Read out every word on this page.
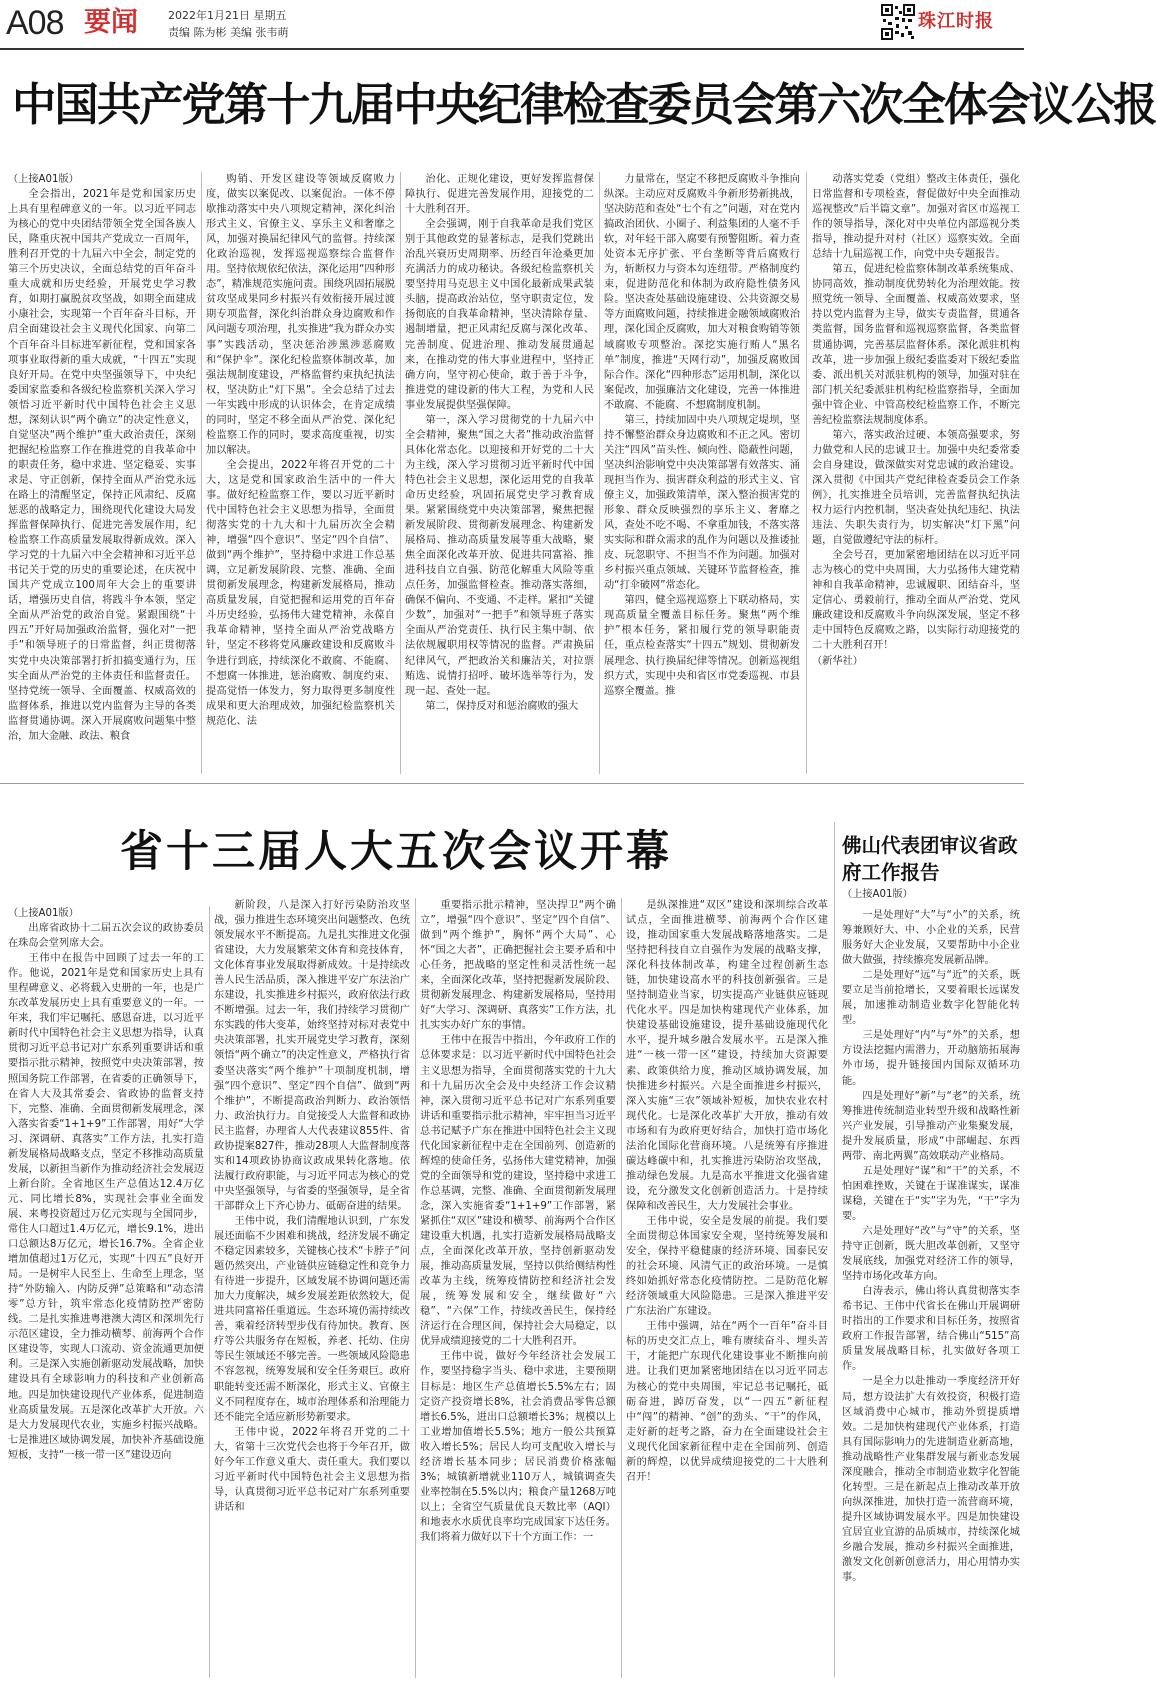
A08 要闻	2022年1月21日 星期五
责编 陈为彬 美编 张韦萌
珠江时报
中国共产党第十九届中央纪律检查委员会第六次全体会议公报

（上接A01版）

全会指出，2021年是党和国家历史上具有里程碑意义的一年。以习近平同志为核心的党中央团结带领全党全国各族人民，隆重庆祝中国共产党成立一百周年，胜利召开党的十九届六中全会，制定党的第三个历史决议，全面总结党的百年奋斗重大成就和历史经验，开展党史学习教育，如期打赢脱贫攻坚战，如期全面建成小康社会，实现第一个百年奋斗目标，开启全面建设社会主义现代化国家、向第二个百年奋斗目标进军新征程，党和国家各项事业取得新的重大成就，“十四五”实现良好开局。在党中央坚强领导下，中央纪委国家监委和各级纪检监察机关深入学习领悟习近平新时代中国特色社会主义思想，深刻认识“两个确立”的决定性意义，自觉坚决“两个维护”重大政治责任，深刻把握纪检监察工作在推进党的自我革命中的职责任务，稳中求进、坚定稳妥、实事求是、守正创新，保持全面从严治党永远在路上的清醒坚定，保持正风肃纪、反腐惩恶的战略定力，围绕现代化建设大局发挥监督保障执行、促进完善发展作用，纪检监察工作高质量发展取得新成效。深入学习党的十九届六中全会精神和习近平总书记关于党的历史的重要论述，在庆祝中国共产党成立100周年大会上的重要讲话，增强历史自信，将践斗争本领，坚定全面从严治党的政治自觉。紧跟围绕“十四五”开好局加强政治监督，强化对“一把手”和领导班子的日常监督，纠正贯彻落实党中央决策部署打折扣搞变通行为，压实全面从严治党的主体责任和监督责任。坚持党统一领导、全面覆盖、权威高效的监督体系，推进以党内监督为主导的各类监督贯通协调。深入开展腐败问题集中整治，加大金融、政法、粮食

购销、开发区建设等领域反腐败力度，做实以案促改、以案促治。一体不停歇推动落实中央八项规定精神，深化纠治形式主义、官僚主义、享乐主义和奢靡之风，加强对换届纪律风气的监督。持续深化政治巡视，发挥巡视巡察综合监督作用。坚持依规依纪依法，深化运用“四种形态”，精准规范实施问责。围绕巩固拓展脱贫攻坚成果同乡村振兴有效衔接开展过渡期专项监督，深化纠治群众身边腐败和作风问题专项治理，扎实推进“我为群众办实事”实践活动，坚决惩治涉黑涉恶腐败和“保护伞”。深化纪检监察体制改革，加强法规制度建设，严格监督约束执纪执法权，坚决防止“灯下黑”。全会总结了过去一年实践中形成的认识体会，在肯定成绩的同时，坚定不移全面从严治党、深化纪检监察工作的同时，要求高度重视，切实加以解决。

全会提出，2022年将召开党的二十大，这是党和国家政治生活中的一件大事。做好纪检监察工作，要以习近平新时代中国特色社会主义思想为指导，全面贯彻落实党的十九大和十九届历次全会精神，增强“四个意识”、坚定“四个自信”、做到“两个维护”，坚持稳中求进工作总基调，立足新发展阶段、完整、准确、全面贯彻新发展理念，构建新发展格局，推动高质量发展，自觉把握和运用党的百年奋斗历史经验，弘扬伟大建党精神，永葆自我革命精神，坚持全面从严治党战略方针，坚定不移将党风廉政建设和反腐败斗争进行到底，持续深化不敢腐、不能腐、不想腐一体推进，惩治腐败、制度约束、提高觉悟一体发力，努力取得更多制度性成果和更大治理成效，加强纪检监察机关规范化、法

治化、正规化建设，更好发挥监督保障执行、促进完善发展作用，迎接党的二十大胜利召开。

全会强调，刚于自我革命是我们党区别于其他政党的显著标志，是我们党跳出治乱兴衰历史周期率、历经百年沧桑更加充满活力的成功秘诀。各级纪检监察机关要坚持用马克思主义中国化最新成果武装头脑，提高政治站位，坚守职责定位，发扬彻底的自我革命精神，坚决清除存量、遏制增量，把正风肃纪反腐与深化改革、完善制度、促进治理、推动发展贯通起来，在推动党的伟大事业进程中，坚持正确方向，坚守初心使命，敢于善于斗争，推进党的建设新的伟大工程，为党和人民事业发展提供坚强保障。

第一，深入学习贯彻党的十九届六中全会精神，聚焦“国之大者”推动政治监督具体化常态化。以迎接和开好党的二十大为主线，深入学习贯彻习近平新时代中国特色社会主义思想，深化运用党的自我革命历史经验，巩固拓展党史学习教育成果。紧紧围绕党中央决策部署，聚焦把握新发展阶段、贯彻新发展理念、构建新发展格局、推动高质量发展等重大战略，聚焦全面深化改革开放、促进共同富裕、推进科技自立自强、防范化解重大风险等重点任务，加强监督检查。推动落实落细，确保不偏向、不变通、不走样。紧扣“关键少数”，加强对“一把手”和领导班子落实全面从严治党责任、执行民主集中制、依法依规履职用权等情况的监督。严肃换届纪律风气，严把政治关和廉洁关，对拉票贿选、说情打招呼、破坏选举等行为，发现一起、查处一起。

第二，保持反对和惩治腐败的强大

力量常在，坚定不移把反腐败斗争推向纵深。主动应对反腐败斗争新形势新挑战，坚决防范和查处“七个有之”问题，对在党内搞政治团伙、小圈子、利益集团的人毫不手软，对年轻干部入腐要有预警阻断。着力查处资本无序扩张、平台垄断等背后腐败行为，斩断权力与资本勾连纽带。严格制度约束，促进防范化和体制为政府隐性债务风险。坚决查处基础设施建设、公共资源交易等方面腐败问题，持续推进金融领域腐败治理，深化国企反腐败，加大对粮食购销等领域腐败专项整治。深挖实施行贿人“黑名单”制度，推进“天网行动”，加强反腐败国际合作。深化“四种形态”运用机制，深化以案促改，加强廉洁文化建设，完善一体推进不敢腐、不能腐、不想腐制度机制。

第三，持续加固中央八项规定堤坝，坚持不懈整治群众身边腐败和不正之风。密切关注“四风”苗头性、倾向性、隐蔽性问题，坚决纠治影响党中央决策部署有效落实、涌现担当作为、损害群众利益的形式主义、官僚主义，加强政策清单，深入整治损害党的形象、群众反映强烈的享乐主义、奢靡之风，查处不吃不喝、不拿重加钱，不落实落实实际和群众需求的乱作为问题以及推诿扯皮、玩忽职守、不担当不作为问题。加强对乡村振兴重点领域、关键环节监督检查，推动“打伞破网”常态化。

第四，健全巡视巡察上下联动格局，实现高质量全覆盖目标任务。聚焦“两个维护”根本任务，紧扣履行党的领导职能责任，重点检查落实“十四五”规划、贯彻新发展理念、执行换届纪律等情况。创新巡视组织方式，实现中央和省区市党委巡视、市县巡察全覆盖。推

动落实党委（党组）整改主体责任，强化日常监督和专项检查，督促做好中央全面推动巡视整改“后半篇文章”。加强对省区市巡视工作的领导指导，深化对中央单位内部巡视分类指导，推动提升对村（社区）巡察实效。全面总结十九届巡视工作，向党中央专题报告。

第五，促进纪检监察体制改革系统集成、协同高效，推动制度优势转化为治理效能。按照党统一领导、全面覆盖、权威高效要求，坚持以党内监督为主导，做实专责监督，贯通各类监督，国务监督和巡视巡察监督，各类监督贯通协调，完善基层监督体系。深化派驻机构改革，进一步加强上级纪委监委对下级纪委监委、派出机关对派驻机构的领导，加强对驻在部门机关纪委派驻机构纪检监察指导，全面加强中管企业、中管高校纪检监察工作，不断完善纪检监察法规制度体系。

第六，落实政治过硬、本领高强要求，努力做党和人民的忠诚卫士。加强中央纪委常委会自身建设，做深做实对党忠诚的政治建设。深入贯彻《中国共产党纪律检查委员会工作条例》，扎实推进全员培训，完善监督执纪执法权力运行内控机制，坚决查处执纪违纪、执法违法、失职失责行为，切实解决“灯下黑”问题，自觉做遵纪守法的标杆。

全会号召，更加紧密地团结在以习近平同志为核心的党中央周围，大力弘扬伟大建党精神和自我革命精神，忠诚履职、团结奋斗，坚定信心、勇毅前行，推动全面从严治党、党风廉政建设和反腐败斗争向纵深发展，坚定不移走中国特色反腐败之路，以实际行动迎接党的二十大胜利召开！

（新华社）

省十三届人大五次会议开幕

（上接A01版）

出席省政协十二届五次会议的政协委员在珠岛会堂列席大会。

王伟中在报告中回顾了过去一年的工作。他说，2021年是党和国家历史上具有里程碑意义、必将载入史册的一年，也是广东改革发展历史上具有重要意义的一年。一年来，我们牢记嘱托、感恩奋进，以习近平新时代中国特色社会主义思想为指导，认真贯彻习近平总书记对广东系列重要讲话和重要指示批示精神，按照党中央决策部署，按照国务院工作部署，在省委的正确领导下，在省人大及其常委会、省政协的监督支持下，完整、准确、全面贯彻新发展理念，深入落实省委“1+1+9”工作部署，用好“大学习、深调研、真落实”工作方法，扎实打造新发展格局战略支点，坚定不移推动高质量发展，以新担当新作为推动经济社会发展迈上新台阶。全省地区生产总值达12.4万亿元、同比增长8%，实现社会事业全面发展、来粤投资超过万亿元实现与全国同步，常住人口超过1.4万亿元，增长9.1%，进出口总额达8万亿元，增长16.7%。全省企业增加值超过1万亿元，实现“十四五”良好开局。一是树牢人民至上、生命至上理念，坚持“外防输入、内防反弹”总策略和“动态清零”总方针，筑牢常态化疫情防控严密防线。二是扎实推进粤港澳大湾区和深圳先行示范区建设，全力推动横琴、前海两个合作区建设等，实现人口流动、资金流通更加便利。三是深入实施创新驱动发展战略，加快建设具有全球影响力的科技和产业创新高地。四是加快建设现代产业体系，促进制造业高质量发展。五是深化改革扩大开放。六是大力发展现代农业，实施乡村振兴战略。七是推进区域协调发展，加快补齐基础设施短板，支持“一核一带一区”建设迈向

新阶段，八是深入打好污染防治攻坚战，强力推进生态环境突出问题整改、色统领发展水平不断提高。九是扎实推进文化强省建设，大力发展繁荣文体育和竞技体育，文化体育事业发展取得新成效。十是持续改善人民生活品质，深入推进平安广东法治广东建设，扎实推进乡村振兴，政府依法行政不断增强。过去一年，我们持续学习贯彻广东实践的伟大变革，始终坚持对标对表党中央决策部署，扎实开展党史学习教育，深刻领悟“两个确立”的决定性意义，严格执行省委坚决落实“两个维护”十项制度机制，增强“四个意识”、坚定“四个自信”、做到“两个维护”，不断提高政治判断力、政治领悟力、政治执行力。自觉接受人大监督和政协民主监督，办理省人大代表建议855件、省政协提案827件，推动28项人大监督制度落实和14项政协协商议政成果转化落地。依法履行政府职能，与习近平同志为核心的党中央坚强领导，与省委的坚强领导，是全省干部群众上下齐心协力、砥砺奋进的结果。

王伟中说，我们清醒地认识到，广东发展还面临不少困难和挑战，经济发展不确定不稳定因素较多，关键核心技术“卡脖子”问题仍然突出，产业链供应链稳定性和竞争力有待进一步提升，区域发展不协调问题还需加大力度解决，城乡发展差距依然较大，促进共同富裕任重道远。生态环境仍需持续改善，乘着经济转型步伐有待加快。教育、医疗等公共服务存在短板，养老、托幼、住房等民生领域还不够完善。一些领域风险隐患不容忽视，统筹发展和安全任务艰巨。政府职能转变还需不断深化，形式主义、官僚主义不同程度存在，城市治理体系和治理能力还不能完全适应新形势新要求。

王伟中说，2022年将召开党的二十大，省第十三次党代会也将于今年召开，做好今年工作意义重大、责任重大。我们要以习近平新时代中国特色社会主义思想为指导，认真贯彻习近平总书记对广东系列重要讲话和

重要指示批示精神，坚决捍卫“两个确立”，增强“四个意识”、坚定“四个自信”、做到“两个维护”，胸怀“两个大局”、心怀“国之大者”，正确把握社会主要矛盾和中心任务，把战略的坚定性和灵活性统一起来，全面深化改革，坚持把握新发展阶段、贯彻新发展理念、构建新发展格局，坚持用好“大学习、深调研、真落实”工作方法，扎扎实实办好广东的事情。

王伟中在报告中指出，今年政府工作的总体要求是：以习近平新时代中国特色社会主义思想为指导，全面贯彻落实党的十九大和十九届历次全会及中央经济工作会议精神，深入贯彻习近平总书记对广东系列重要讲话和重要指示批示精神，牢牢担当习近平总书记赋予广东在推进中国特色社会主义现代化国家新征程中走在全国前列、创造新的辉煌的使命任务，弘扬伟大建党精神，加强党的全面领导和党的建设，坚持稳中求进工作总基调，完整、准确、全面贯彻新发展理念，深入实施省委“1+1+9”工作部署，紧紧抓住“双区”建设和横琴、前海两个合作区建设重大机遇，扎实打造新发展格局战略支点，全面深化改革开放，坚持创新驱动发展，推动高质量发展，坚持以供给侧结构性改革为主线，统筹疫情防控和经济社会发展，统筹发展和安全，继续做好“六稳”、“六保”工作，持续改善民生，保持经济运行在合理区间，保持社会大局稳定，以优异成绩迎接党的二十大胜利召开。

王伟中说，做好今年经济社会发展工作，要坚持稳字当头、稳中求进，主要预期目标是：地区生产总值增长5.5%左右；固定资产投资增长8%，社会消费品零售总额增长6.5%，进出口总额增长3%；规模以上工业增加值增长5.5%；地方一般公共预算收入增长5%；居民人均可支配收入增长与经济增长基本同步；居民消费价格涨幅3%；城镇新增就业110万人，城镇调查失业率控制在5.5%以内；粮食产量1268万吨以上；全省空气质量优良天数比率（AQI）和地表水水质优良率均完成国家下达任务。我们将着力做好以下十个方面工作：一

是纵深推进“双区”建设和深圳综合改革试点，全面推进横琴、前海两个合作区建设，推动国家重大发展战略落地落实。二是坚持把科技自立自强作为发展的战略支撑，深化科技体制改革，构建全过程创新生态链，加快建设高水平的科技创新强省。三是坚持制造业当家，切实提高产业链供应链现代化水平。四是加快构建现代产业体系，加快建设基础设施建设，提升基础设施现代化水平，提升城乡融合发展水平。五是深入推进“一核一带一区”建设，持续加大资源要素、政策供给力度，推动区域协调发展，加快推进乡村振兴。六是全面推进乡村振兴，深入实施“三农”领域补短板，加快农业农村现代化。七是深化改革扩大开放，推动有效市场和有为政府更好结合，加快打造市场化法治化国际化营商环境。八是统筹有序推进碳达峰碳中和，扎实推进污染防治攻坚战，推动绿色发展。九是高水平推进文化强省建设，充分激发文化创新创造活力。十是持续保障和改善民生，大力发展社会事业。

王伟中说，安全是发展的前提。我们要全面贯彻总体国家安全观，坚持统筹发展和安全，保持平稳健康的经济环境、国泰民安的社会环境、风清气正的政治环境。一是慎终如始抓好常态化疫情防控。二是防范化解经济领域重大风险隐患。三是深入推进平安广东法治广东建设。

王伟中强调，站在“两个一百年”奋斗目标的历史交汇点上，唯有赓续奋斗、埋头苦干，才能把广东现代化建设事业不断推向前进。让我们更加紧密地团结在以习近平同志为核心的党中央周围，牢记总书记嘱托，砥砺奋进，踔厉奋发，以“一四五”新征程中“闯”的精神、“创”的劲头、“干”的作风，走好新的赶考之路，奋力在全面建设社会主义现代化国家新征程中走在全国前列、创造新的辉煌，以优异成绩迎接党的二十大胜利召开！

佛山代表团审议省政府工作报告
（上接A01版）

一是处理好“大”与“小”的关系，统筹兼顾好大、中、小企业的关系，民营服务好大企业发展，又要帮助中小企业做大做强，持续擦亮发展新品牌。

二是处理好“远”与“近”的关系，既要立足当前抢增长，又要着眼长远谋发展，加速推动制造业数字化智能化转型。

三是处理好“内”与“外”的关系，想方设法挖掘内需潜力，开动脑筋拓展海外市场，提升链接国内国际双循环功能。

四是处理好“新”与“老”的关系，统筹推进传统制造业转型升级和战略性新兴产业发展，引导推动产业集聚发展，提升发展质量，形成“中部崛起、东西两带、南北两翼”高效联动产业格局。

五是处理好“谋”和“干”的关系，不怕困难挫败，关键在于谋准谋实，谋准谋稳，关键在于“实”字为先，“干”字为要。

六是处理好“改”与“守”的关系，坚持守正创新，既大胆改革创新，又坚守发展底线，加强党对经济工作的领导，坚持市场化改革方向。

白涛表示，佛山将认真贯彻落实李希书记、王伟中代省长在佛山开展调研时指出的工作要求和目标任务，按照省政府工作报告部署，结合佛山“515”高质量发展战略目标，扎实做好各项工作。

一是全力以赴推动一季度经济开好局，想方设法扩大有效投资，积极打造区域消费中心城市，推动外贸提质增效。二是加快构建现代产业体系，打造具有国际影响力的先进制造业新高地，推动战略性产业集群发展与新业态发展深度融合，推动全市制造业数字化智能化转型。三是在新起点上推动改革开放向纵深推进，加快打造一流营商环境，提升区域协调发展水平。四是加快建设宜居宜业宜游的品质城市，持续深化城乡融合发展，推动乡村振兴全面推进，激发文化创新创意活力，用心用情办实事。
